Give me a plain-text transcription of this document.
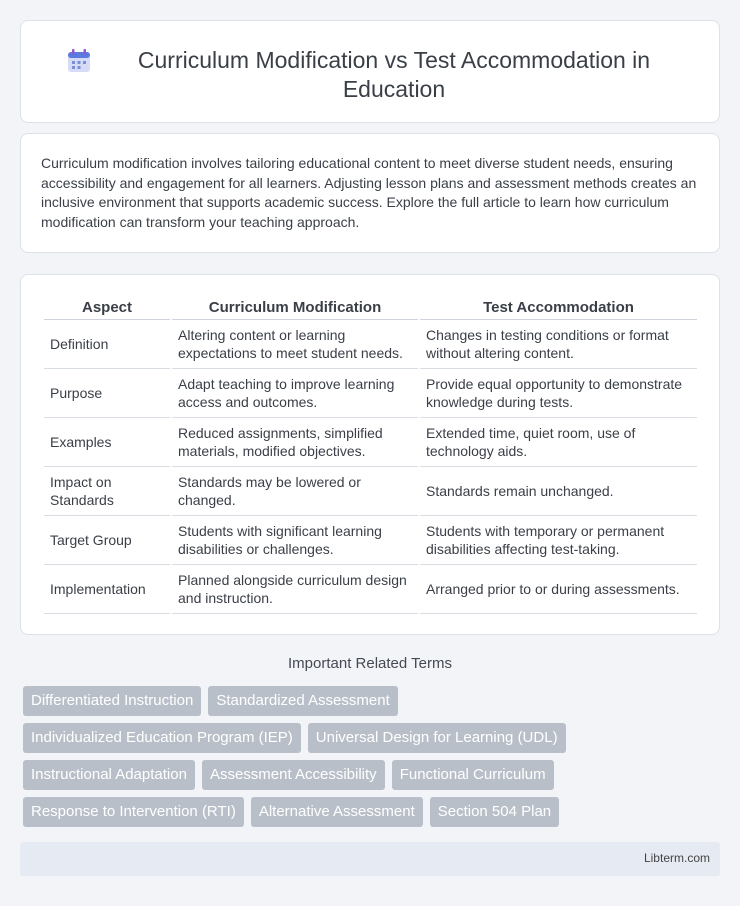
Curriculum Modification vs Test Accommodation in Education

Curriculum modification involves tailoring educational content to meet diverse student needs, ensuring accessibility and engagement for all learners. Adjusting lesson plans and assessment methods creates an inclusive environment that supports academic success. Explore the full article to learn how curriculum modification can transform your teaching approach.

Aspect	Curriculum Modification	Test Accommodation
Definition	Altering content or learning expectations to meet student needs.	Changes in testing conditions or format without altering content.
Purpose	Adapt teaching to improve learning access and outcomes.	Provide equal opportunity to demonstrate knowledge during tests.
Examples	Reduced assignments, simplified materials, modified objectives.	Extended time, quiet room, use of technology aids.
Impact on Standards	Standards may be lowered or changed.	Standards remain unchanged.
Target Group	Students with significant learning disabilities or challenges.	Students with temporary or permanent disabilities affecting test-taking.
Implementation	Planned alongside curriculum design and instruction.	Arranged prior to or during assessments.
Important Related Terms
Differentiated Instruction	Standardized Assessment
Individualized Education Program (IEP)	Universal Design for Learning (UDL)
Instructional Adaptation	Assessment Accessibility	Functional Curriculum
Response to Intervention (RTI)	Alternative Assessment	Section 504 Plan
Libterm.com
